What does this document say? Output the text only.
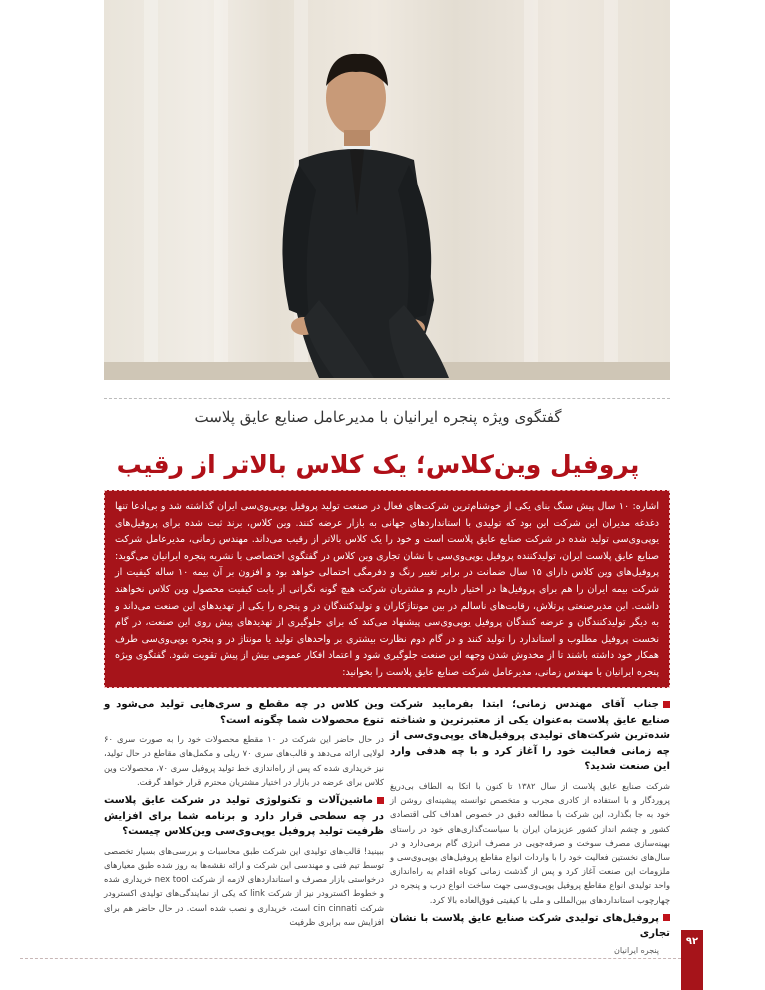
گفتگوی ویژه پنجره ایرانیان با مدیرعامل صنایع عایق پلاست
پروفیل وین‌کلاس؛ یک کلاس بالاتر از رقیب
اشاره: ۱۰ سال پیش سنگ بنای یکی از خوشنام‌ترین شرکت‌های فعال در صنعت تولید پروفیل یوپی‌وی‌سی ایران گذاشته شد و بی‌ادعا تنها دغدغه مدیران این شرکت این بود که تولیدی با استانداردهای جهانی به بازار عرضه کنند. وین کلاس، برند ثبت شده برای پروفیل‌های یوپی‌وی‌سی تولید شده در شرکت صنایع عایق پلاست است و خود را یک کلاس بالاتر از رقیب می‌داند. مهندس زمانی، مدیرعامل شرکت صنایع عایق پلاست ایران، تولیدکننده پروفیل یوپی‌وی‌سی با نشان تجاری وین کلاس در گفتگوی اختصاصی با نشریه پنجره ایرانیان می‌گوید: پروفیل‌های وین کلاس دارای ۱۵ سال ضمانت در برابر تغییر رنگ و دفرمگی احتمالی خواهد بود و افزون بر آن بیمه ۱۰ ساله کیفیت از شرکت بیمه ایران را هم برای پروفیل‌ها در اختیار داریم و مشتریان شرکت هیچ گونه نگرانی از بابت کیفیت محصول وین کلاس نخواهند داشت. این مدیرصنعتی پرتلاش، رقابت‌های ناسالم در بین مونتاژکاران و تولیدکنندگان در و پنجره را یکی از تهدیدهای این صنعت می‌داند و به دیگر تولیدکنندگان و عرضه کنندگان پروفیل یوپی‌وی‌سی پیشنهاد می‌کند که برای جلوگیری از تهدیدهای پیش روی این صنعت، در گام نخست پروفیل مطلوب و استاندارد را تولید کنند و در گام دوم نظارت بیشتری بر واحدهای تولید یا مونتاژ در و پنجره یوپی‌وی‌سی طرف همکار خود داشته باشند تا از مخدوش شدن وجهه این صنعت جلوگیری شود و اعتماد افکار عمومی بیش از پیش تقویت شود. گفتگوی ویژه پنجره ایرانیان با مهندس زمانی، مدیرعامل شرکت صنایع عایق پلاست را بخوانید:

جناب آقای مهندس زمانی؛ ابتدا بفرمایید شرکت صنایع عایق پلاست به‌عنوان یکی از معتبرترین و شناخته شده‌ترین شرکت‌های تولیدی پروفیل‌های یوپی‌وی‌سی از چه زمانی فعالیت خود را آغاز کرد و با چه هدفی وارد این صنعت شدید؟

شرکت صنایع عایق پلاست از سال ۱۳۸۲ تا کنون با اتکا به الطاف بی‌دریغ پروردگار و با استفاده از کادری مجرب و متخصص توانسته پیشینه‌ای روشن از خود به جا بگذارد، این شرکت با مطالعه دقیق در خصوص اهداف کلی اقتصادی کشور و چشم انداز کشور عزیزمان ایران با سیاست‌گذاری‌های خود در راستای بهینه‌سازی مصرف سوخت و صرفه‌جویی در مصرف انرژی گام برمی‌دارد و در سال‌های نخستین فعالیت خود را با واردات انواع مقاطع پروفیل‌های یوپی‌وی‌سی و ملزومات این صنعت آغاز کرد و پس از گذشت زمانی کوتاه اقدام به راه‌اندازی واحد تولیدی انواع مقاطع پروفیل یوپی‌وی‌سی جهت ساخت انواع درب و پنجره در چهارچوب استانداردهای بین‌المللی و ملی با کیفیتی فوق‌العاده بالا کرد.

پروفیل‌های تولیدی شرکت صنایع عایق پلاست با نشان تجاری

وین کلاس در چه مقطع و سری‌هایی تولید می‌شود و تنوع محصولات شما چگونه است؟

در حال حاضر این شرکت در ۱۰ مقطع محصولات خود را به صورت سری ۶۰ لولایی ارائه می‌دهد و قالب‌های سری ۷۰ ریلی و مکمل‌های مقاطع در حال تولید، نیز خریداری شده که پس از راه‌اندازی خط تولید پروفیل سری ۷۰، محصولات وین کلاس برای عرضه در بازار در اختیار مشتریان محترم قرار خواهد گرفت.

ماشین‌آلات و تکنولوژی تولید در شرکت عایق پلاست در چه سطحی قرار دارد و برنامه شما برای افزایش ظرفیت تولید پروفیل یوپی‌وی‌سی وین‌کلاس چیست؟

ببینید! قالب‌های تولیدی این شرکت طبق محاسبات و بررسی‌های بسیار تخصصی توسط تیم فنی و مهندسی این شرکت و ارائه نقشه‌ها به روز شده طبق معیارهای درخواستی بازار مصرف و استانداردهای لازمه از شرکت nex tool خریداری شده و خطوط اکسترودر نیز از شرکت link که یکی از نمایندگی‌های تولیدی اکسترودر شرکت cin cinnati است، خریداری و نصب شده است. در حال حاضر هم برای افزایش سه برابری ظرفیت

پنجره ایرانیان
۹۲
